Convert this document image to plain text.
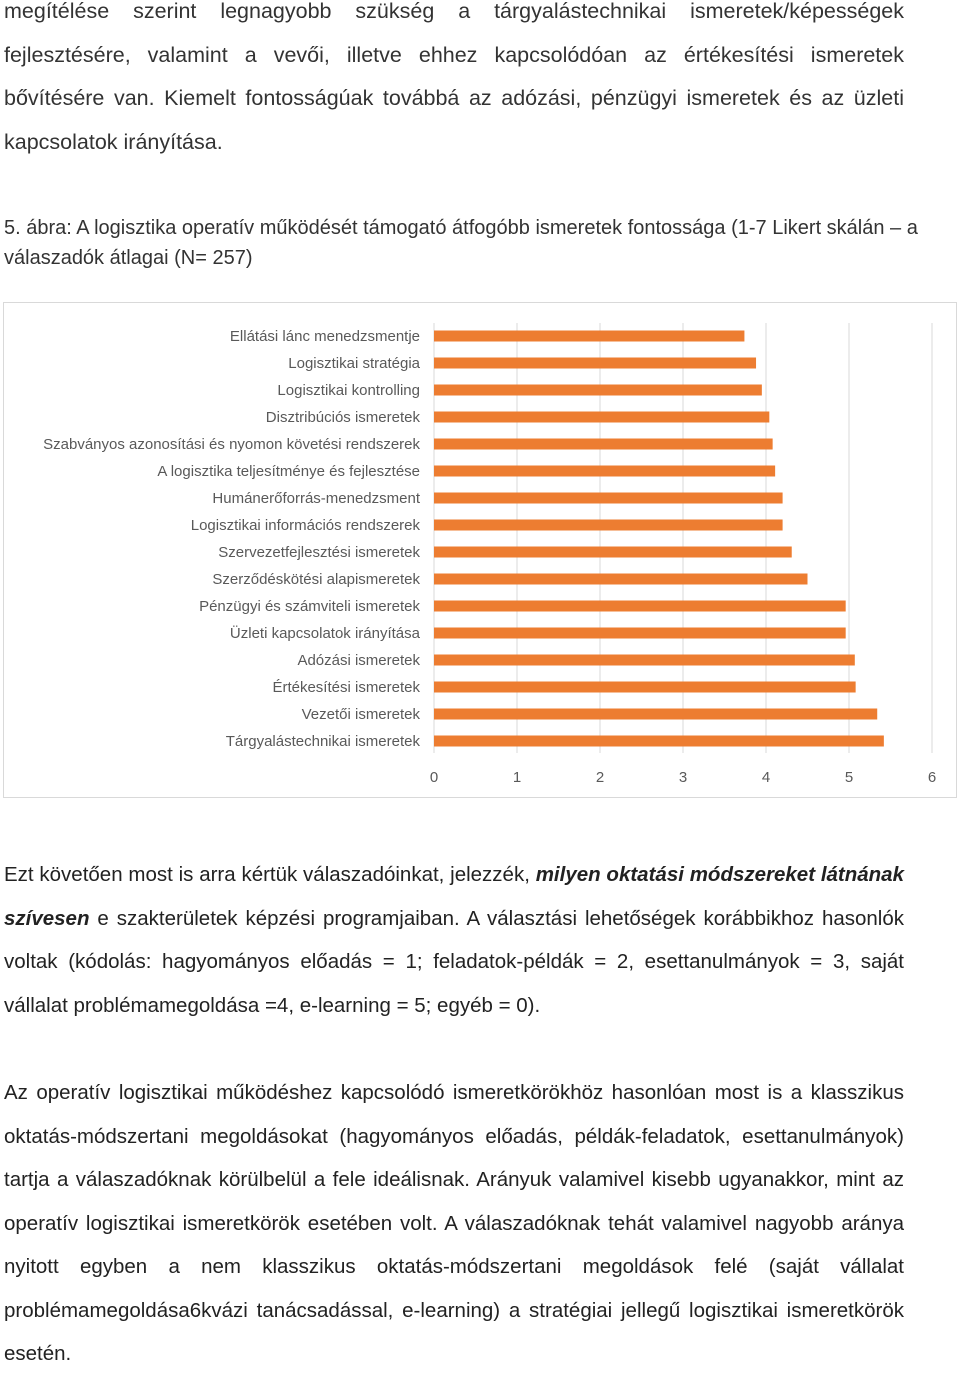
megítélése szerint legnagyobb szükség a tárgyalástechnikai ismeretek/képességek fejlesztésére, valamint a vevői, illetve ehhez kapcsolódóan az értékesítési ismeretek bővítésére van. Kiemelt fontosságúak továbbá az adózási, pénzügyi ismeretek és az üzleti kapcsolatok irányítása.

5. ábra: A logisztika operatív működését támogató átfogóbb ismeretek fontossága (1-7 Likert skálán – a válaszadók átlagai (N= 257)

Ellátási lánc menedzsmentje
Logisztikai stratégia
Logisztikai kontrolling
Disztribúciós ismeretek
Szabványos azonosítási és nyomon követési rendszerek
A logisztika teljesítménye és fejlesztése
Humánerőforrás-menedzsment
Logisztikai információs rendszerek
Szervezetfejlesztési ismeretek
Szerződéskötési alapismeretek
Pénzügyi és számviteli ismeretek
Üzleti kapcsolatok irányítása
Adózási ismeretek
Értékesítési ismeretek
Vezetői ismeretek
Tárgyalástechnikai ismeretek
0	1	2	3	4	5	6

Ezt követően most is arra kértük válaszadóinkat, jelezzék, milyen oktatási módszereket látnának szívesen e szakterületek képzési programjaiban. A választási lehetőségek korábbikhoz hasonlók voltak (kódolás: hagyományos előadás = 1; feladatok-példák = 2, esettanulmányok = 3, saját vállalat problémamegoldása =4, e-learning = 5; egyéb = 0).

Az operatív logisztikai működéshez kapcsolódó ismeretkörökhöz hasonlóan most is a klasszikus oktatás-módszertani megoldásokat (hagyományos előadás, példák-feladatok, esettanulmányok) tartja a válaszadóknak körülbelül a fele ideálisnak. Arányuk valamivel kisebb ugyanakkor, mint az operatív logisztikai ismeretkörök esetében volt. A válaszadóknak tehát valamivel nagyobb aránya nyitott egyben a nem klasszikus oktatás-módszertani megoldások felé (saját vállalat problémamegoldása6kvázi tanácsadással, e-learning) a stratégiai jellegű logisztikai ismeretkörök esetén.
